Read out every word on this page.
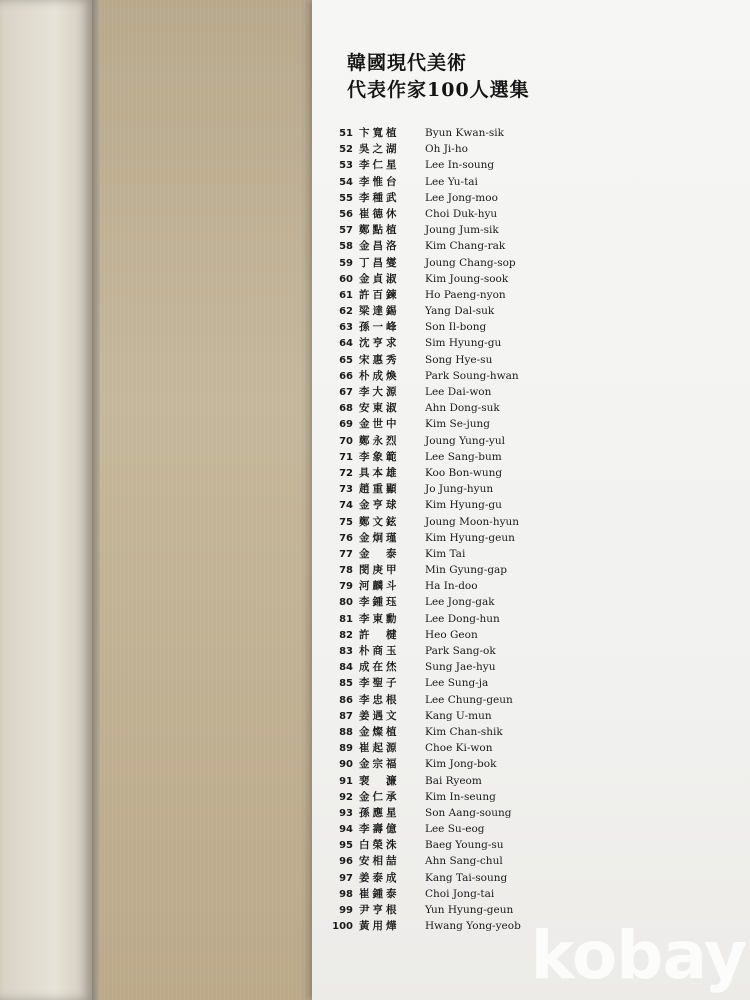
韓國現代美術
代表作家100人選集
51 卞寬植	Byun Kwan-sik
52 吳之湖	Oh Ji-ho
53 李仁星	Lee In-soung
54 李惟台	Lee Yu-tai
55 李種武	Lee Jong-moo
56 崔德休	Choi Duk-hyu
57 鄭點植	Joung Jum-sik
58 金昌洛	Kim Chang-rak
59 丁昌燮	Joung Chang-sop
60 金貞淑	Kim Joung-sook
61 許百鍊	Ho Paeng-nyon
62 梁達錫	Yang Dal-suk
63 孫一峰	Son Il-bong
64 沈亨求	Sim Hyung-gu
65 宋惠秀	Song Hye-su
66 朴成煥	Park Soung-hwan
67 李大源	Lee Dai-won
68 安東淑	Ahn Dong-suk
69 金世中	Kim Se-jung
70 鄭永烈	Joung Yung-yul
71 李象範	Lee Sang-bum
72 具本雄	Koo Bon-wung
73 趙重顯	Jo Jung-hyun
74 金亨球	Kim Hyung-gu
75 鄭文鉉	Joung Moon-hyun
76 金炯瑾	Kim Hyung-geun
77 金　泰	Kim Tai
78 閔庚甲	Min Gyung-gap
79 河麟斗	Ha In-doo
80 李鍾珏	Lee Jong-gak
81 李東勳	Lee Dong-hun
82 許　楗	Heo Geon
83 朴商玉	Park Sang-ok
84 成在烋	Sung Jae-hyu
85 李聖子	Lee Sung-ja
86 李忠根	Lee Chung-geun
87 姜遇文	Kang U-mun
88 金燦植	Kim Chan-shik
89 崔起源	Choe Ki-won
90 金宗福	Kim Jong-bok
91 裵　濂	Bai Ryeom
92 金仁承	Kim In-seung
93 孫應星	Son Aang-soung
94 李壽億	Lee Su-eog
95 白榮洙	Baeg Young-su
96 安相喆	Ahn Sang-chul
97 姜泰成	Kang Tai-soung
98 崔鍾泰	Choi Jong-tai
99 尹亨根	Yun Hyung-geun
100 黃用燁	Hwang Yong-yeob kobay
